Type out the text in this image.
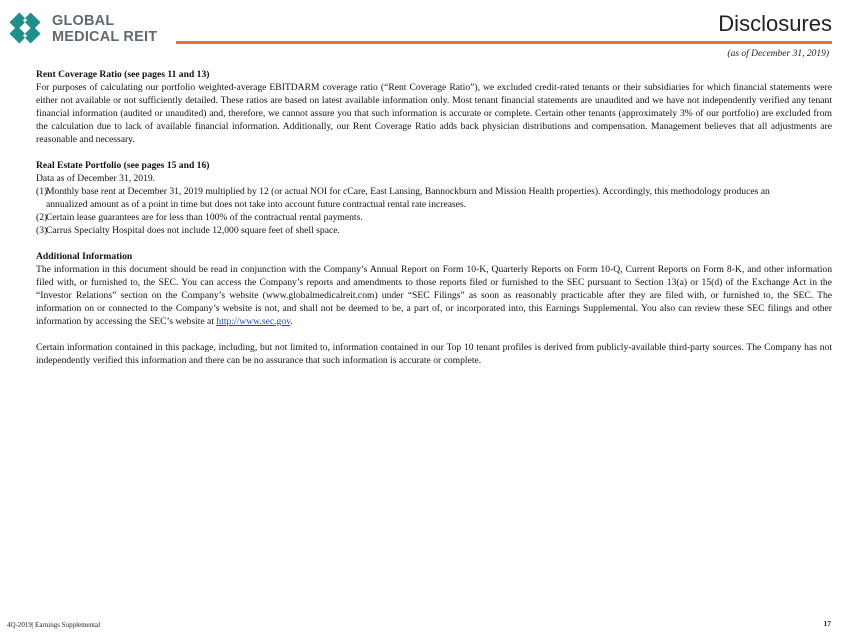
GLOBAL
MEDICAL REIT
Disclosures
(as of December 31, 2019)

Rent Coverage Ratio (see pages 11 and 13)

For purposes of calculating our portfolio weighted-average EBITDARM coverage ratio (“Rent Coverage Ratio”), we excluded credit-rated tenants or their subsidiaries for which financial statements were either not available or not sufficiently detailed. These ratios are based on latest available information only. Most tenant financial statements are unaudited and we have not independently verified any tenant financial information (audited or unaudited) and, therefore, we cannot assure you that such information is accurate or complete. Certain other tenants (approximately 3% of our portfolio) are excluded from the calculation due to lack of available financial information. Additionally, our Rent Coverage Ratio adds back physician distributions and compensation. Management believes that all adjustments are reasonable and necessary.

Real Estate Portfolio (see pages 15 and 16)

Data as of December 31, 2019.

(1)
Monthly base rent at December 31, 2019 multiplied by 12 (or actual NOI for cCare, East Lansing, Bannockburn and Mission Health properties). Accordingly, this methodology produces an annualized amount as of a point in time but does not take into account future contractual rental rate increases.
(2)
Certain lease guarantees are for less than 100% of the contractual rental payments.
(3)
Carrus Specialty Hospital does not include 12,000 square feet of shell space.

Additional Information

The information in this document should be read in conjunction with the Company’s Annual Report on Form 10-K, Quarterly Reports on Form 10-Q, Current Reports on Form 8-K, and other information filed with, or furnished to, the SEC. You can access the Company’s reports and amendments to those reports filed or furnished to the SEC pursuant to Section 13(a) or 15(d) of the Exchange Act in the “Investor Relations” section on the Company’s website (www.globalmedicalreit.com) under “SEC Filings” as soon as reasonably practicable after they are filed with, or furnished to, the SEC. The information on or connected to the Company’s website is not, and shall not be deemed to be, a part of, or incorporated into, this Earnings Supplemental. You also can review these SEC filings and other information by accessing the SEC’s website at http://www.sec.gov.

Certain information contained in this package, including, but not limited to, information contained in our Top 10 tenant profiles is derived from publicly-available third-party sources. The Company has not independently verified this information and there can be no assurance that such information is accurate or complete.

4Q-2019| Earnings Supplemental	17
